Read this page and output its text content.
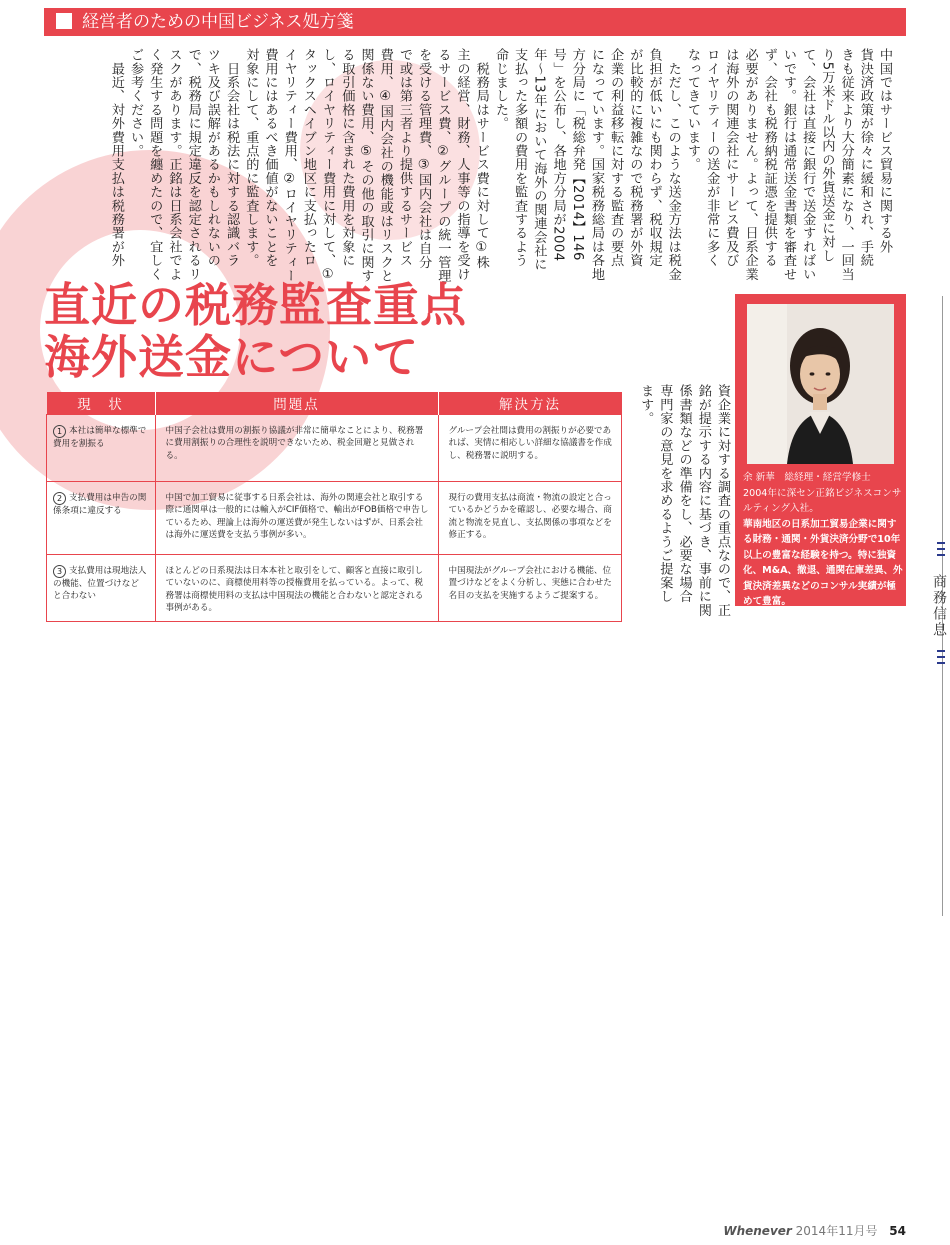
経営者のための中国ビジネス処方箋

中国ではサービス貿易に関する外

貨決済政策が徐々に緩和され、手続

きも従来より大分簡素になり、一回当

り5万米ドル以内の外貨送金に対し

て、会社は直接に銀行で送金すればい

いです。銀行は通常送金書類を審査せ

ず、会社も税務納税証憑を提供する

必要がありません。よって、日系企業

は海外の関連会社にサービス費及び

ロイヤリティーの送金が非常に多く

なってきています。

　ただし、このような送金方法は税金

負担が低いにも関わらず、税収規定

が比較的に複雑なので税務署が外資

企業の利益移転に対する監査の要点

になっています。国家税務総局は各地

方分局に「税総弁発【2014】146

号」を公布し、各地方分局が2004

年〜13年において海外の関連会社に

支払った多額の費用を監査するよう

命じました。

　税務局はサービス費に対して①株

主の経営、財務、人事等の指導を受け

るサービス費、②グループの統一管理

を受ける管理費、③国内会社は自分

で或は第三者より提供するサービス

費用、④国内会社の機能或はリスクと

関係ない費用、⑤その他の取引に関す

る取引価格に含まれた費用を対象に

し、ロイヤリティー費用に対して、①

タックスヘイブン地区に支払ったロ

イヤリティー費用、②ロイヤリティー

費用にはあるべき価値がないことを

対象にして、重点的に監査します。

　日系会社は税法に対する認識バラ

ツキ及び誤解があるかもしれないの

で、税務局に規定違反を認定されるリ

スクがあります。正銘は日系会社でよ

く発生する問題を纏めたので、宜しく

ご参考ください。

　最近、対外費用支払は税務署が外

直近の税務監査重点
海外送金について

資企業に対する調査の重点なので、正

銘が提示する内容に基づき、事前に関

係書類などの準備をし、必要な場合

専門家の意見を求めるようご提案し

ます。

余 新華　総経理・経営学修士

2004年に深セン正銘ビジネスコンサルティング入社。

華南地区の日系加工貿易企業に関する財務・通関・外貨決済分野で10年以上の豊富な経験を持つ。特に独資化、M&A、撤退、通関在庫差異、外貨決済差異などのコンサル実績が極めて豊富。

現　状	問題点	解決方法
1 本社は簡単な標準で費用を割振る	中国子会社は費用の割振り協議が非常に簡単なことにより、税務署に費用割振りの合理性を説明できないため、税金回避と見做される。	グループ会社間は費用の割振りが必要であれば、実情に相応しい詳細な協議書を作成し、税務署に説明する。
2 支払費用は申告の関係条項に違反する	中国で加工貿易に従事する日系会社は、海外の関連会社と取引する際に通関単は一般的には輸入がCIF価格で、輸出がFOB価格で申告しているため、理論上は海外の運送費が発生しないはずが、日系会社は海外に運送費を支払う事例が多い。	現行の費用支払は商流・物流の設定と合っているかどうかを確認し、必要な場合、商流と物流を見直し、支払関係の事項などを修正する。
3 支払費用は現地法人の機能、位置づけなどと合わない	ほとんどの日系現法は日本本社と取引をして、顧客と直接に取引していないのに、商標使用料等の授権費用を払っている。よって、税務署は商標使用料の支払は中国現法の機能と合わないと認定される事例がある。	中国現法がグループ会社における機能、位置づけなどをよく分析し、実態に合わせた名目の支払を実施するようご提案する。	商務信息
Whenever 2014年11月号 54
